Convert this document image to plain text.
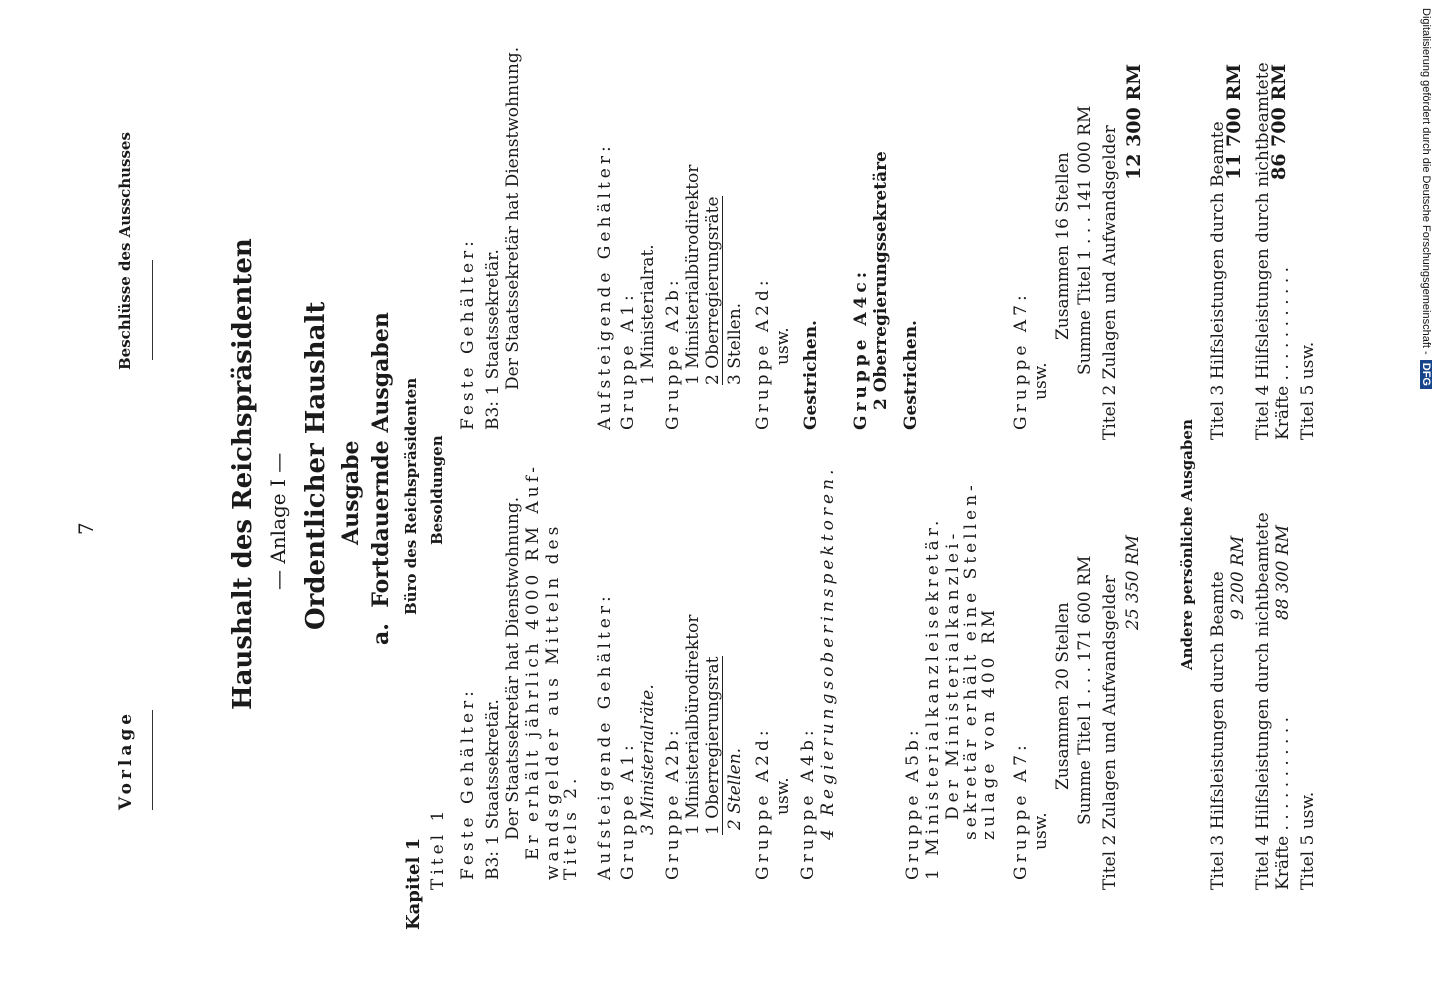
Vorlage
7
Beschlüsse des Ausschusses	Haushalt des Reichspräsidenten — Anlage I — Ordentlicher Haushalt Ausgabe
a.  Fortdauernde Ausgaben Büro des Reichspräsidenten Besoldungen
Kapitel 1 Titel 1 Feste Gehälter: B3: 1 Staatssekretär. Der Staatssekretär hat Dienstwohnung. Er erhält jährlich 4000 RM Auf- wandsgelder aus Mitteln des
Titels 2. Aufsteigende Gehälter: Gruppe A1: 3 Ministerialräte. Gruppe A2b: 1 Ministerialbürodirektor 1 Oberregierungsrat 2 Stellen. Gruppe A2d: usw. Gruppe A4b: 4 Regierungsoberinspektoren.	Gruppe A5b: 1 Ministerialkanzleisekretär. Der Ministerialkanzlei-
sekretär erhält eine Stellen-
zulage von 400 RM Gruppe A7: usw.
Zusammen 20 Stellen Summe Titel 1 . . . 171 600 RM Titel 2 Zulagen und Aufwandsgelder 25 350 RM Andere persönliche Ausgaben
Titel 3 Hilfsleistungen durch Beamte 9 200 RM Titel 4 Hilfsleistungen durch nichtbeamtete Kräfte . . . . . . . . . . .
88 300 RM
Titel 5 usw.
Feste Gehälter: B3: 1 Staatssekretär. Der Staatssekretär hat Dienstwohnung.	Aufsteigende Gehälter: Gruppe A1: 1 Ministerialrat. Gruppe A2b: 1 Ministerialbürodirektor 2 Oberregierungsräte 3 Stellen. Gruppe A2d: usw. Gestrichen. Gruppe A4c: 2 Oberregierungssekretäre Gestrichen.	Gruppe A7: usw.
Zusammen 16 Stellen Summe Titel 1 . . . 141 000 RM Titel 2 Zulagen und Aufwandsgelder
12 300 RM	Titel 3 Hilfsleistungen durch Beamte
11 700 RM Titel 4 Hilfsleistungen durch nichtbeamtete Kräfte . . . . . . . . . . .
86 700 RM
Titel 5 usw.
Digitalisierung gefördert durch die Deutsche Forschungsgemeinschaft - DFG
